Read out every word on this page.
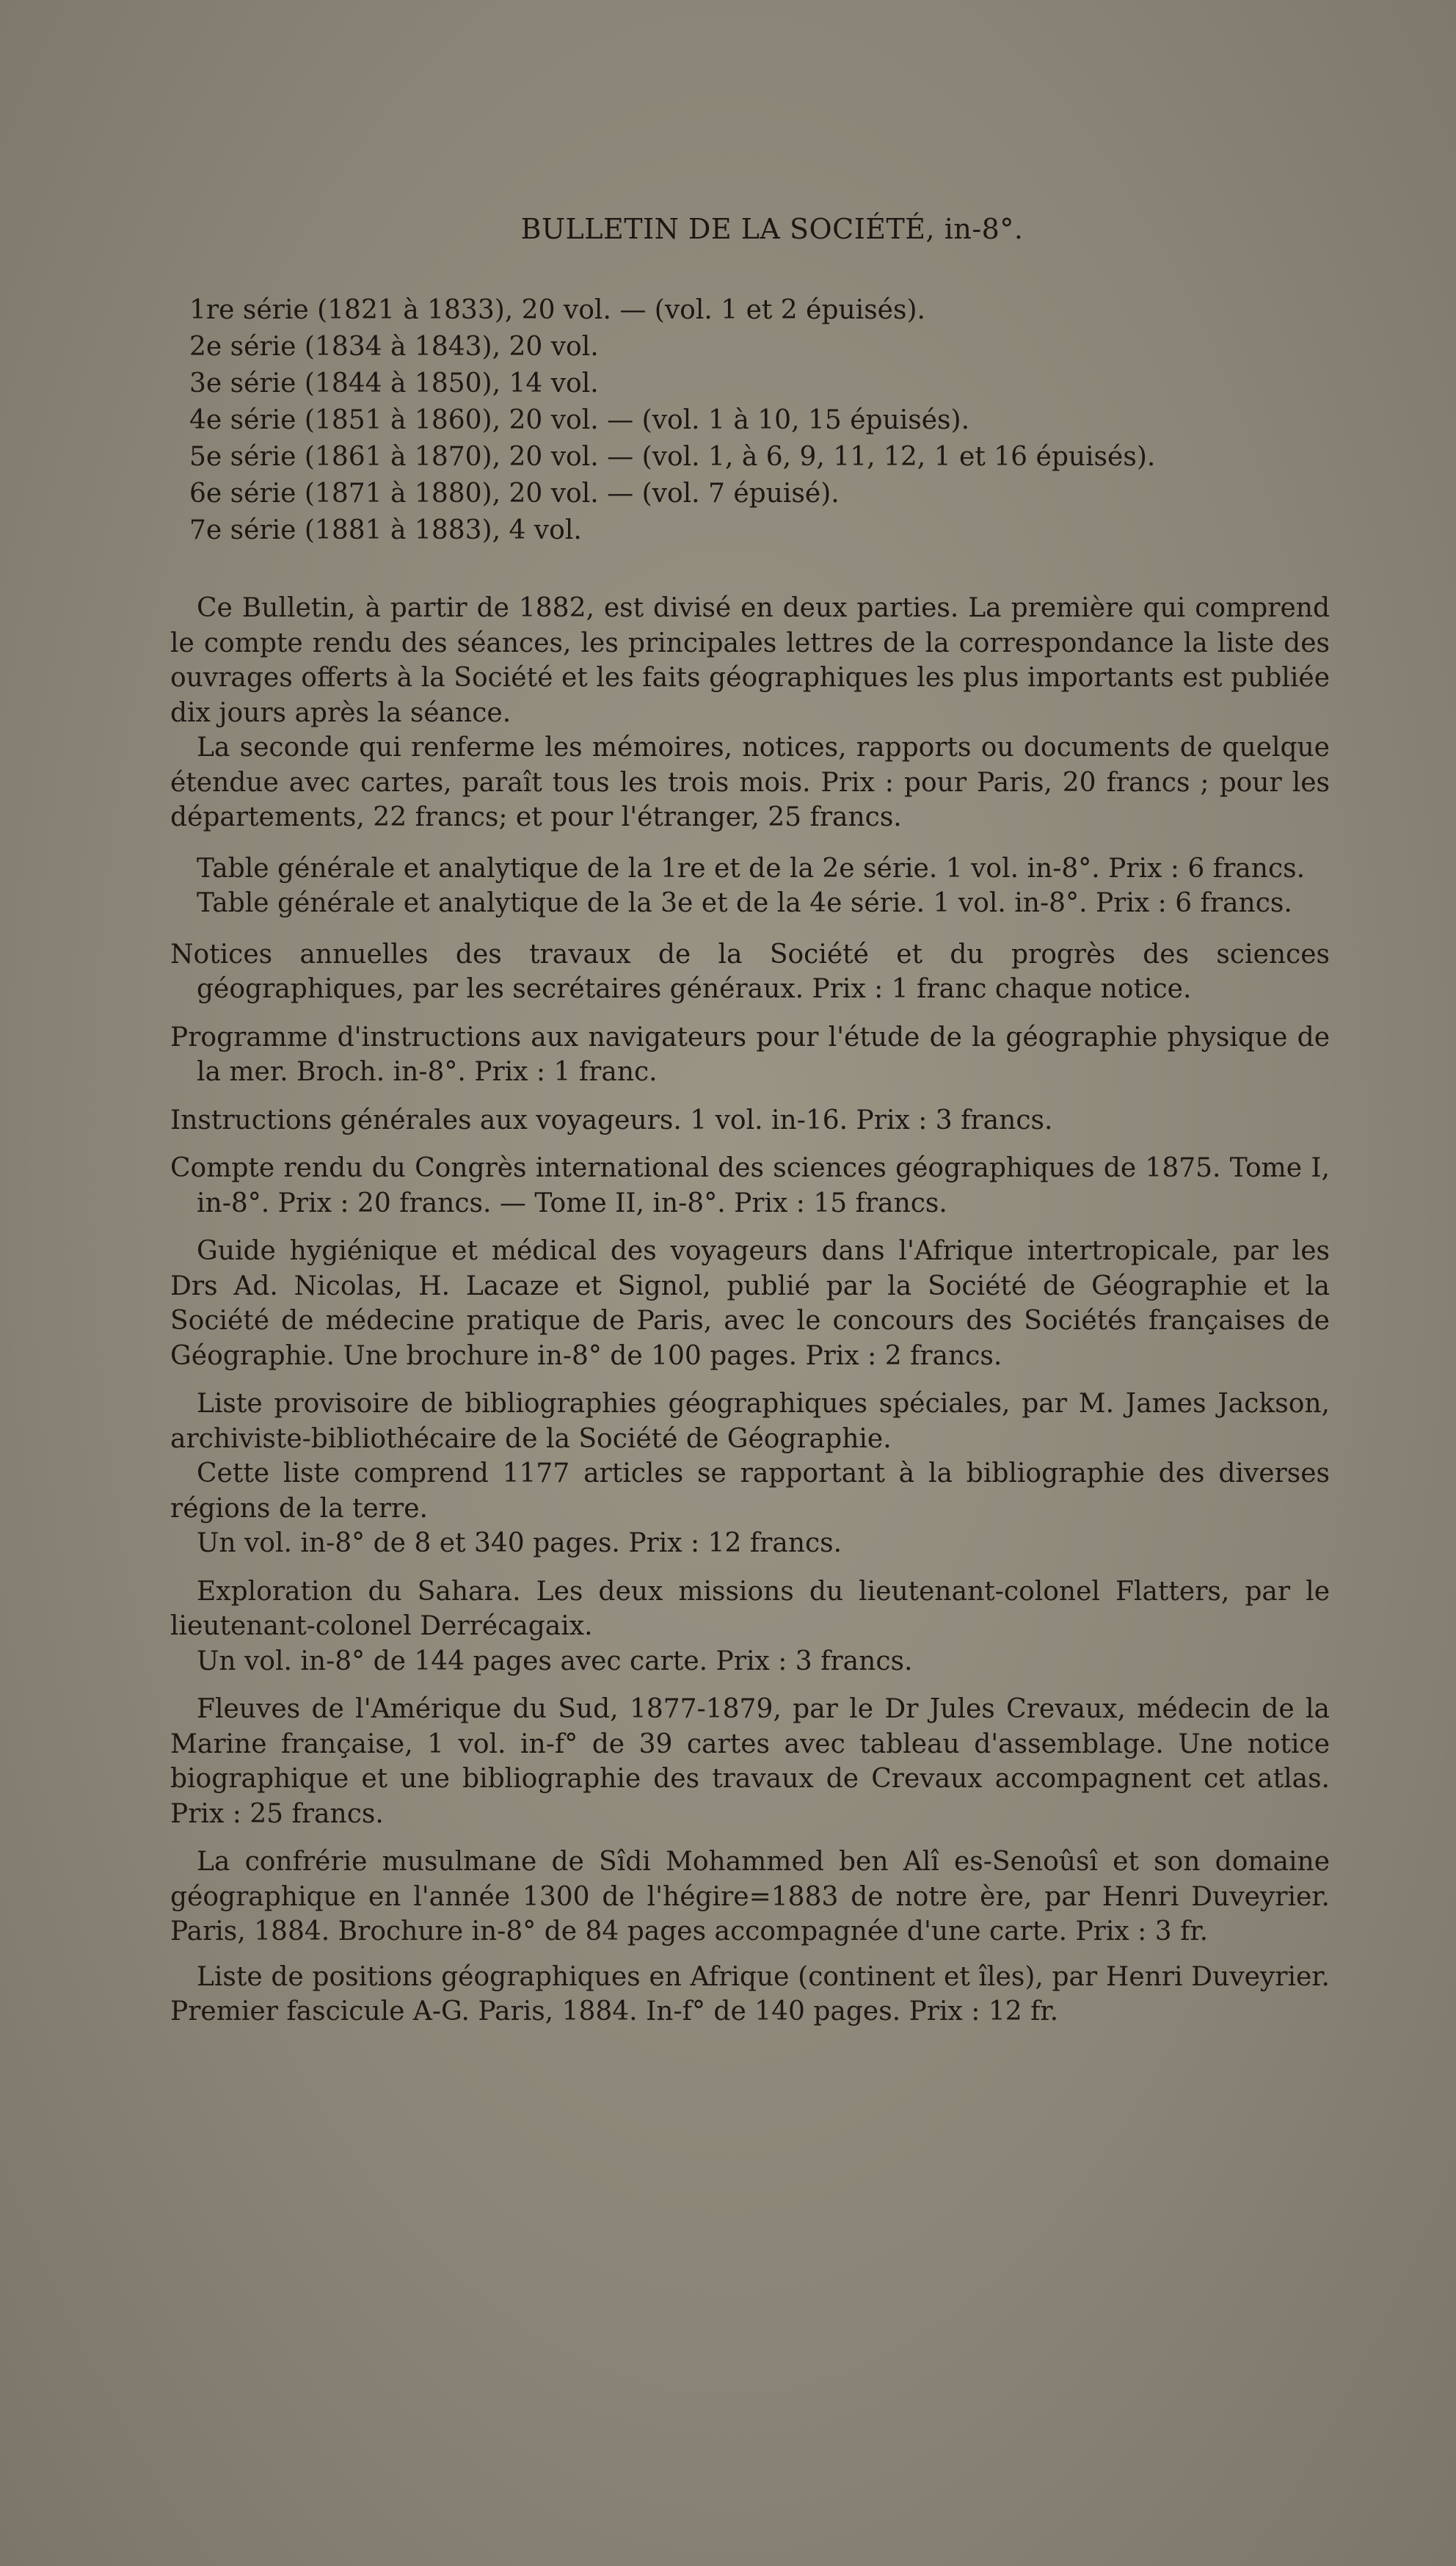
BULLETIN DE LA SOCIÉTÉ, in-8°.
1re série (1821 à 1833), 20 vol. — (vol. 1 et 2 épuisés).
2e série (1834 à 1843), 20 vol.
3e série (1844 à 1850), 14 vol.
4e série (1851 à 1860), 20 vol. — (vol. 1 à 10, 15 épuisés).
5e série (1861 à 1870), 20 vol. — (vol. 1, à 6, 9, 11, 12, 1 et 16 épuisés).
6e série (1871 à 1880), 20 vol. — (vol. 7 épuisé).
7e série (1881 à 1883), 4 vol.

Ce Bulletin, à partir de 1882, est divisé en deux parties. La première qui comprend le compte rendu des séances, les principales lettres de la correspondance la liste des ouvrages offerts à la Société et les faits géographiques les plus importants est publiée dix jours après la séance.

La seconde qui renferme les mémoires, notices, rapports ou documents de quelque étendue avec cartes, paraît tous les trois mois. Prix : pour Paris, 20 francs ; pour les départements, 22 francs; et pour l'étranger, 25 francs.

Table générale et analytique de la 1re et de la 2e série. 1 vol. in-8°. Prix : 6 francs.

Table générale et analytique de la 3e et de la 4e série. 1 vol. in-8°. Prix : 6 francs.

Notices annuelles des travaux de la Société et du progrès des sciences géographiques, par les secrétaires généraux. Prix : 1 franc chaque notice.

Programme d'instructions aux navigateurs pour l'étude de la géographie physique de la mer. Broch. in-8°. Prix : 1 franc.

Instructions générales aux voyageurs. 1 vol. in-16. Prix : 3 francs.

Compte rendu du Congrès international des sciences géographiques de 1875. Tome I, in-8°. Prix : 20 francs. — Tome II, in-8°. Prix : 15 francs.

Guide hygiénique et médical des voyageurs dans l'Afrique intertropicale, par les Drs Ad. Nicolas, H. Lacaze et Signol, publié par la Société de Géographie et la Société de médecine pratique de Paris, avec le concours des Sociétés françaises de Géographie. Une brochure in-8° de 100 pages. Prix : 2 francs.

Liste provisoire de bibliographies géographiques spéciales, par M. James Jackson, archiviste-bibliothécaire de la Société de Géographie.

Cette liste comprend 1177 articles se rapportant à la bibliographie des diverses régions de la terre.

Un vol. in-8° de 8 et 340 pages. Prix : 12 francs.

Exploration du Sahara. Les deux missions du lieutenant-colonel Flatters, par le lieutenant-colonel Derrécagaix.

Un vol. in-8° de 144 pages avec carte. Prix : 3 francs.

Fleuves de l'Amérique du Sud, 1877-1879, par le Dr Jules Crevaux, médecin de la Marine française, 1 vol. in-f° de 39 cartes avec tableau d'assemblage. Une notice biographique et une bibliographie des travaux de Crevaux accompagnent cet atlas. Prix : 25 francs.

La confrérie musulmane de Sîdi Mohammed ben Alî es-Senoûsî et son domaine géographique en l'année 1300 de l'hégire=1883 de notre ère, par Henri Duveyrier. Paris, 1884. Brochure in-8° de 84 pages accompagnée d'une carte. Prix : 3 fr.

Liste de positions géographiques en Afrique (continent et îles), par Henri Duveyrier. Premier fascicule A-G. Paris, 1884. In-f° de 140 pages. Prix : 12 fr.
